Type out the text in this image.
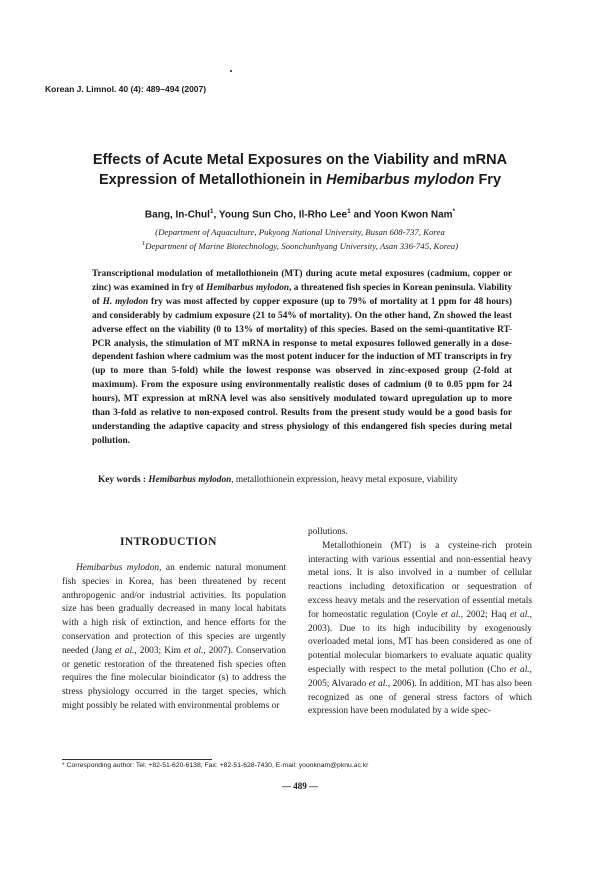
Korean J. Limnol. 40 (4): 489–494 (2007)
Effects of Acute Metal Exposures on the Viability and mRNA
Expression of Metallothionein in Hemibarbus mylodon Fry
Bang, In-Chul$^1$, Young Sun Cho, Il-Rho Lee$^1$ and Yoon Kwon Nam*
(Department of Aquaculture, Pukyong National University, Busan 608-737, Korea
$^1$Department of Marine Biotechnology, Soonchunhyang University, Asan 336-745, Korea)
Transcriptional modulation of metallothionein (MT) during acute metal exposures (cadmium, copper or zinc) was examined in fry of Hemibarbus mylodon, a threatened fish species in Korean peninsula. Viability of H. mylodon fry was most affected by copper exposure (up to 79% of mortality at 1 ppm for 48 hours) and considerably by cadmium exposure (21 to 54% of mortality). On the other hand, Zn showed the least adverse effect on the viability (0 to 13% of mortality) of this species. Based on the semi-quantitative RT-PCR analysis, the stimulation of MT mRNA in response to metal exposures followed generally in a dose-dependent fashion where cadmium was the most potent inducer for the induction of MT transcripts in fry (up to more than 5-fold) while the lowest response was observed in zinc-exposed group (2-fold at maximum). From the exposure using environmentally realistic doses of cadmium (0 to 0.05 ppm for 24 hours), MT expression at mRNA level was also sensitively modulated toward upregulation up to more than 3-fold as relative to non-exposed control. Results from the present study would be a good basis for understanding the adaptive capacity and stress physiology of this endangered fish species during metal pollution.
Key words : Hemibarbus mylodon, metallothionein expression, heavy metal exposure, viability
INTRODUCTION
Hemibarbus mylodon, an endemic natural monument fish species in Korea, has been threatened by recent anthropogenic and/or industrial activities. Its population size has been gradually decreased in many local habitats with a high risk of extinction, and hence efforts for the conservation and protection of this species are urgently needed (Jang et al., 2003; Kim et al., 2007). Conservation or genetic restoration of the threatened fish species often requires the fine molecular bioindicator (s) to address the stress physiology occurred in the target species, which might possibly be related with environmental problems or

pollutions.

Metallothionein (MT) is a cysteine-rich protein interacting with various essential and non-essential heavy metal ions. It is also involved in a number of cellular reactions including detoxification or sequestration of excess heavy metals and the reservation of essential metals for homeostatic regulation (Coyle et al., 2002; Haq et al., 2003). Due to its high inducibility by exogenously overloaded metal ions, MT has been considered as one of potential molecular biomarkers to evaluate aquatic quality especially with respect to the metal pollution (Cho et al., 2005; Alvarado et al., 2006). In addition, MT has also been recognized as one of general stress factors of which expression have been modulated by a wide spec-

* Corresponding author: Tel: +82-51-620-6138, Fax: +82-51-628-7430, E-mail: yoonknam@pknu.ac.kr
— 489 —
